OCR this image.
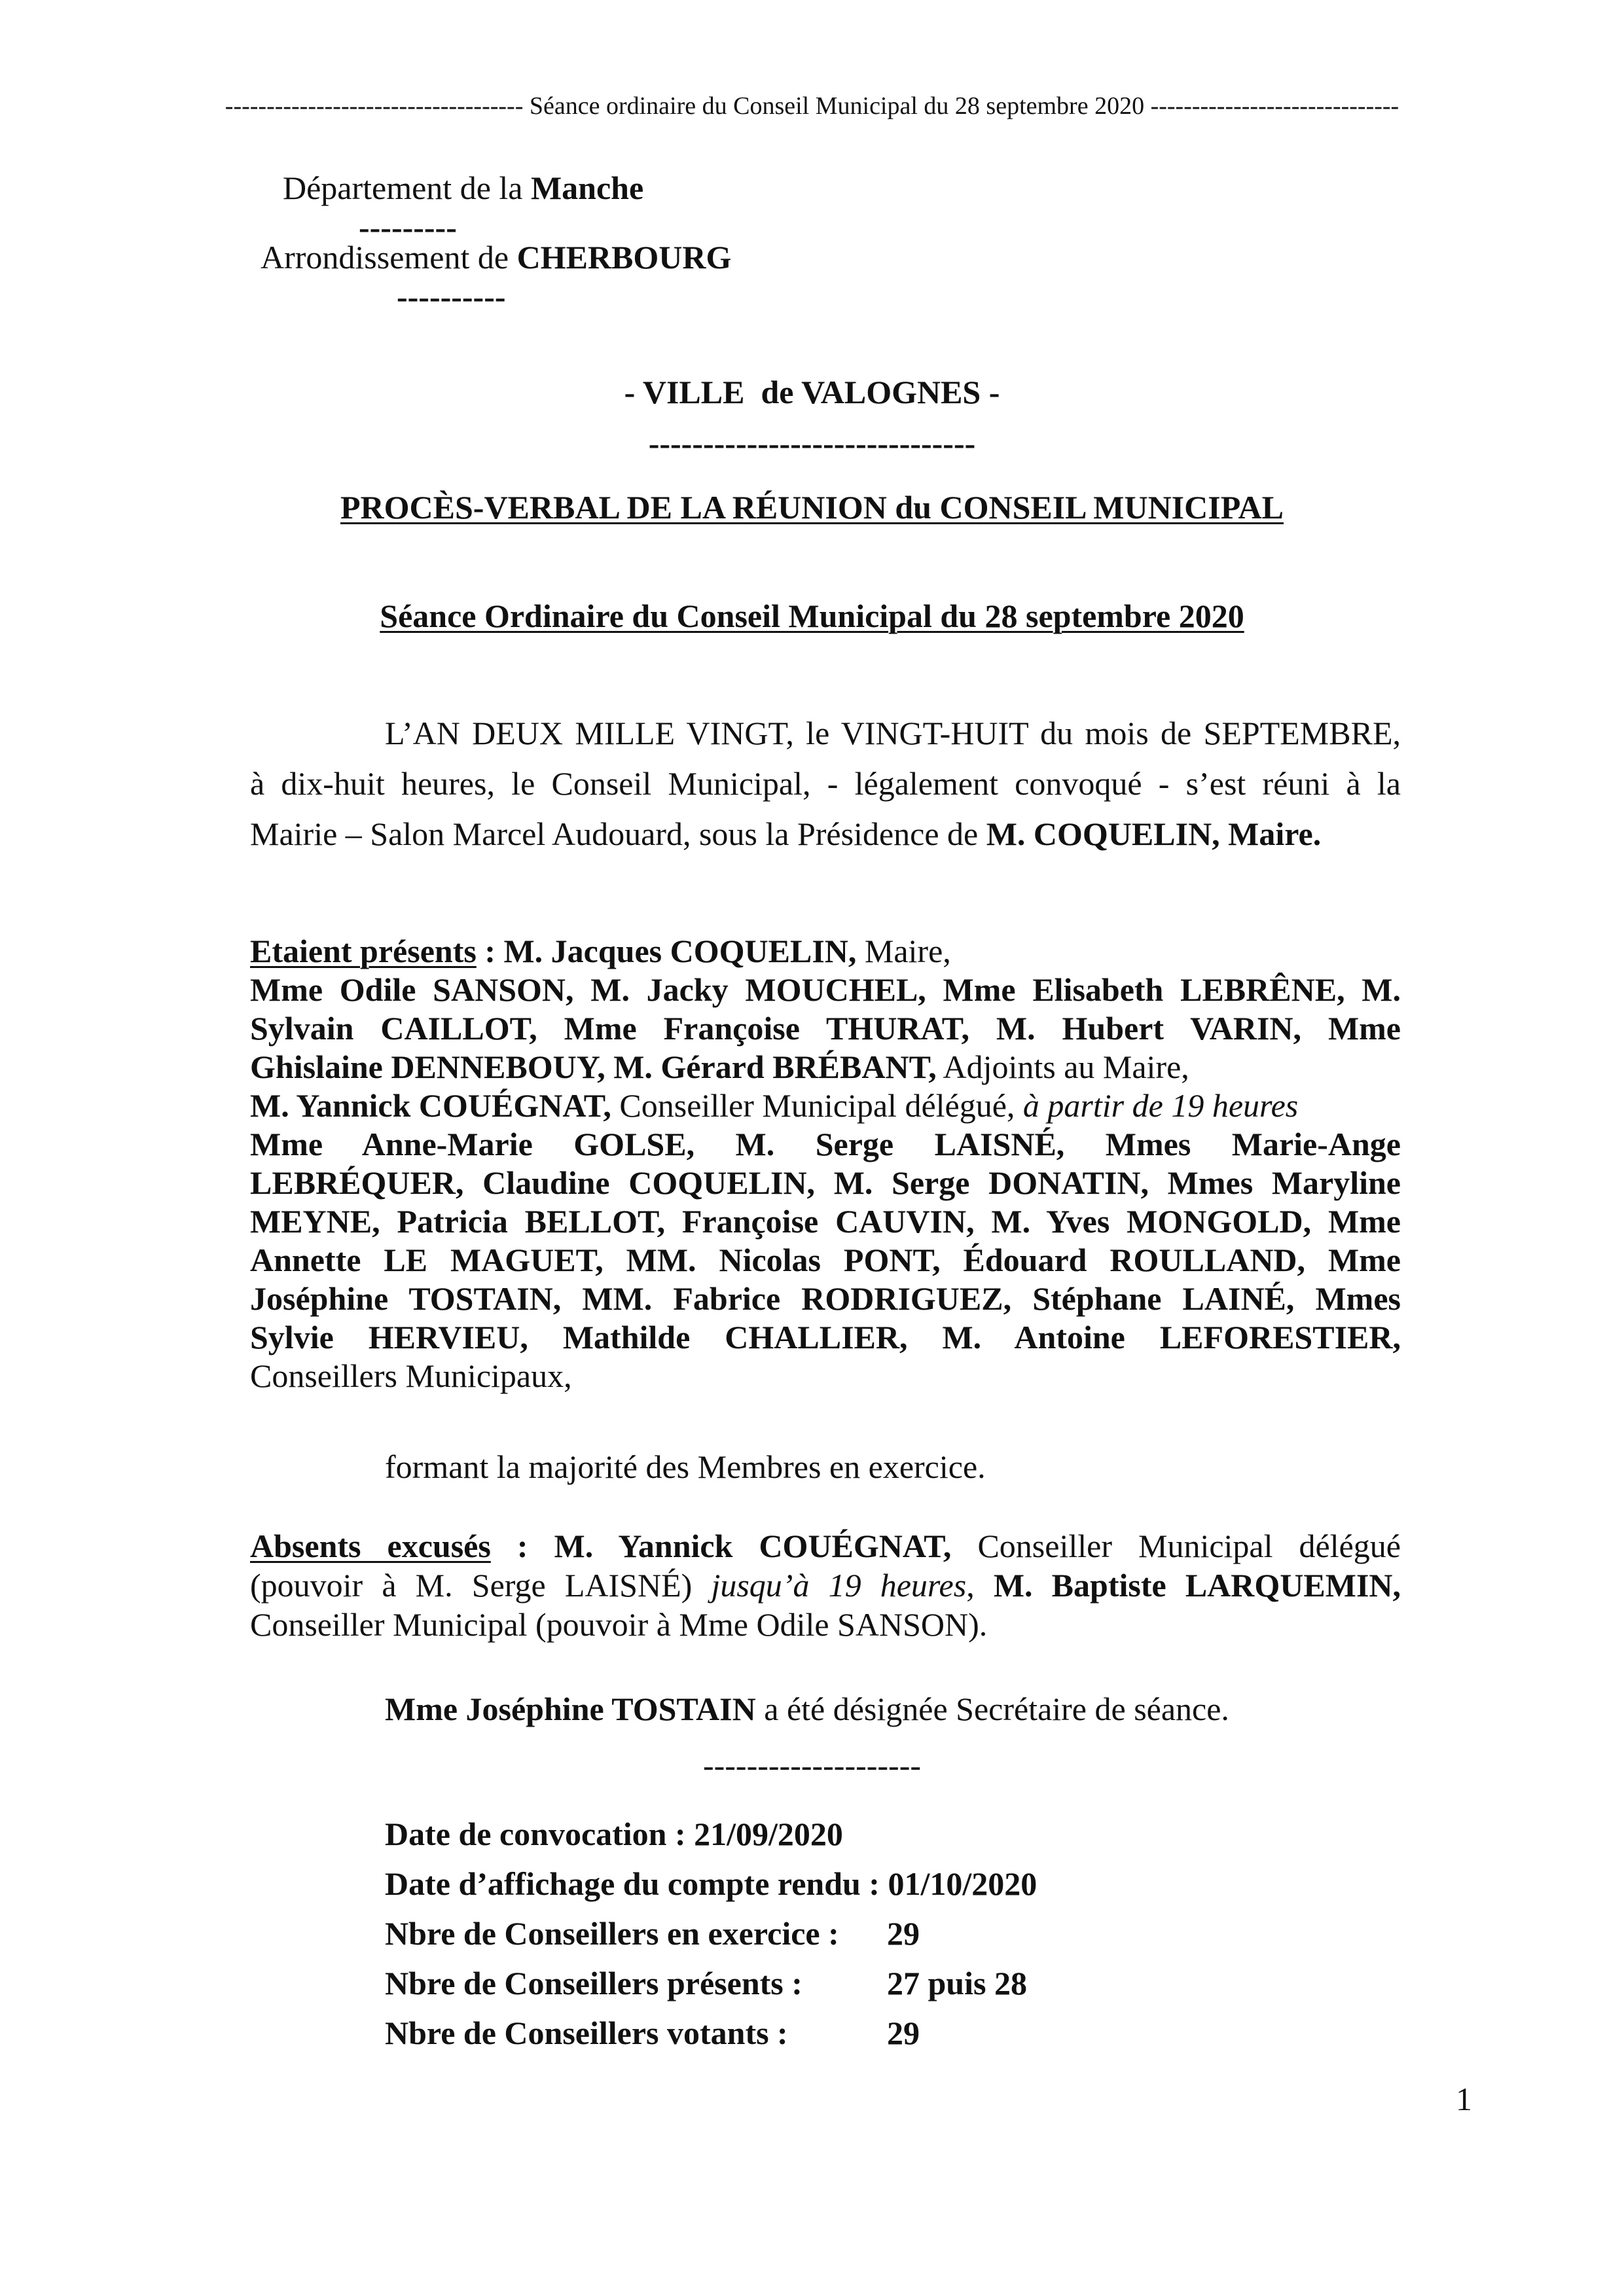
------------------------------------ Séance ordinaire du Conseil Municipal du 28 septembre 2020 ------------------------------
Département de la Manche
---------
Arrondissement de CHERBOURG
----------
- VILLE  de VALOGNES -
------------------------------
PROCÈS-VERBAL DE LA RÉUNION du CONSEIL MUNICIPAL
Séance Ordinaire du Conseil Municipal du 28 septembre 2020
L’AN DEUX MILLE VINGT, le VINGT-HUIT du mois de SEPTEMBRE,
à dix-huit heures, le Conseil Municipal, - légalement convoqué - s’est réuni à la
Mairie – Salon Marcel Audouard, sous la Présidence de M. COQUELIN, Maire.
Etaient présents : M. Jacques COQUELIN, Maire,
Mme Odile SANSON, M. Jacky MOUCHEL, Mme Elisabeth LEBRÊNE, M.
Sylvain CAILLOT, Mme Françoise THURAT, M. Hubert VARIN, Mme
Ghislaine DENNEBOUY, M. Gérard BRÉBANT, Adjoints au Maire,
M. Yannick COUÉGNAT, Conseiller Municipal délégué, à partir de 19 heures
Mme Anne-Marie GOLSE, M. Serge LAISNÉ, Mmes Marie-Ange
LEBRÉQUER, Claudine COQUELIN, M. Serge DONATIN, Mmes Maryline
MEYNE, Patricia BELLOT, Françoise CAUVIN, M. Yves MONGOLD, Mme
Annette LE MAGUET, MM. Nicolas PONT, Édouard ROULLAND, Mme
Joséphine TOSTAIN, MM. Fabrice RODRIGUEZ, Stéphane LAINÉ, Mmes
Sylvie HERVIEU, Mathilde CHALLIER, M. Antoine LEFORESTIER,
Conseillers Municipaux,
formant la majorité des Membres en exercice.
Absents excusés : M. Yannick COUÉGNAT, Conseiller Municipal délégué
(pouvoir à M. Serge LAISNÉ) jusqu’à 19 heures, M. Baptiste LARQUEMIN,
Conseiller Municipal (pouvoir à Mme Odile SANSON).
Mme Joséphine TOSTAIN a été désignée Secrétaire de séance.
--------------------
Date de convocation : 21/09/2020
Date d’affichage du compte rendu : 01/10/2020
Nbre de Conseillers en exercice :	29
Nbre de Conseillers présents :	27 puis 28
Nbre de Conseillers votants :	29
1
